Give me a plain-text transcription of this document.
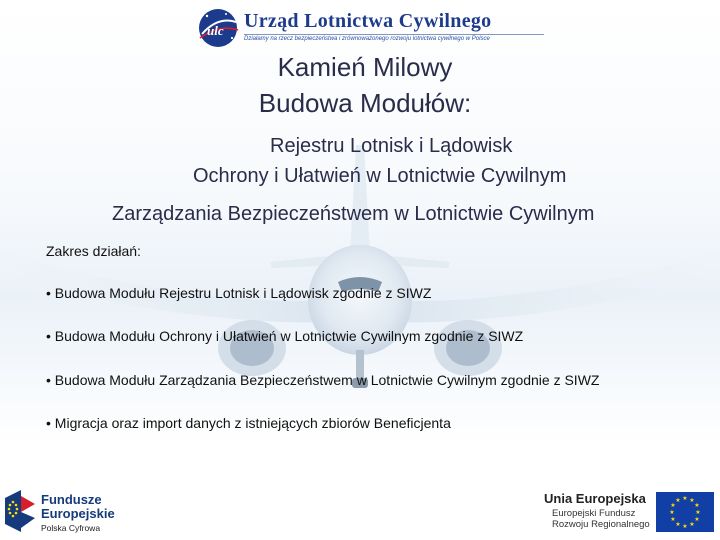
ulc Urząd Lotnictwa Cywilnego
Działamy na rzecz bezpieczeństwa i zrównoważonego rozwoju lotnictwa cywilnego w Polsce
Kamień Milowy
Budowa Modułów:
Rejestru Lotnisk i Lądowisk
Ochrony i Ułatwień w Lotnictwie Cywilnym
Zarządzania Bezpieczeństwem w Lotnictwie Cywilnym
Zakres działań:
• Budowa Modułu Rejestru Lotnisk i Lądowisk zgodnie z SIWZ
• Budowa Modułu Ochrony i Ułatwień w Lotnictwie Cywilnym zgodnie z SIWZ
• Budowa Modułu Zarządzania Bezpieczeństwem w Lotnictwie Cywilnym zgodnie z SIWZ
• Migracja oraz import danych z istniejących zbiorów Beneficjenta
Fundusze
Europejskie
Polska Cyfrowa
Unia Europejska
Europejski Fundusz
Rozwoju Regionalnego
★ ★
★
★
★
★
★
★
★
★
★
★
